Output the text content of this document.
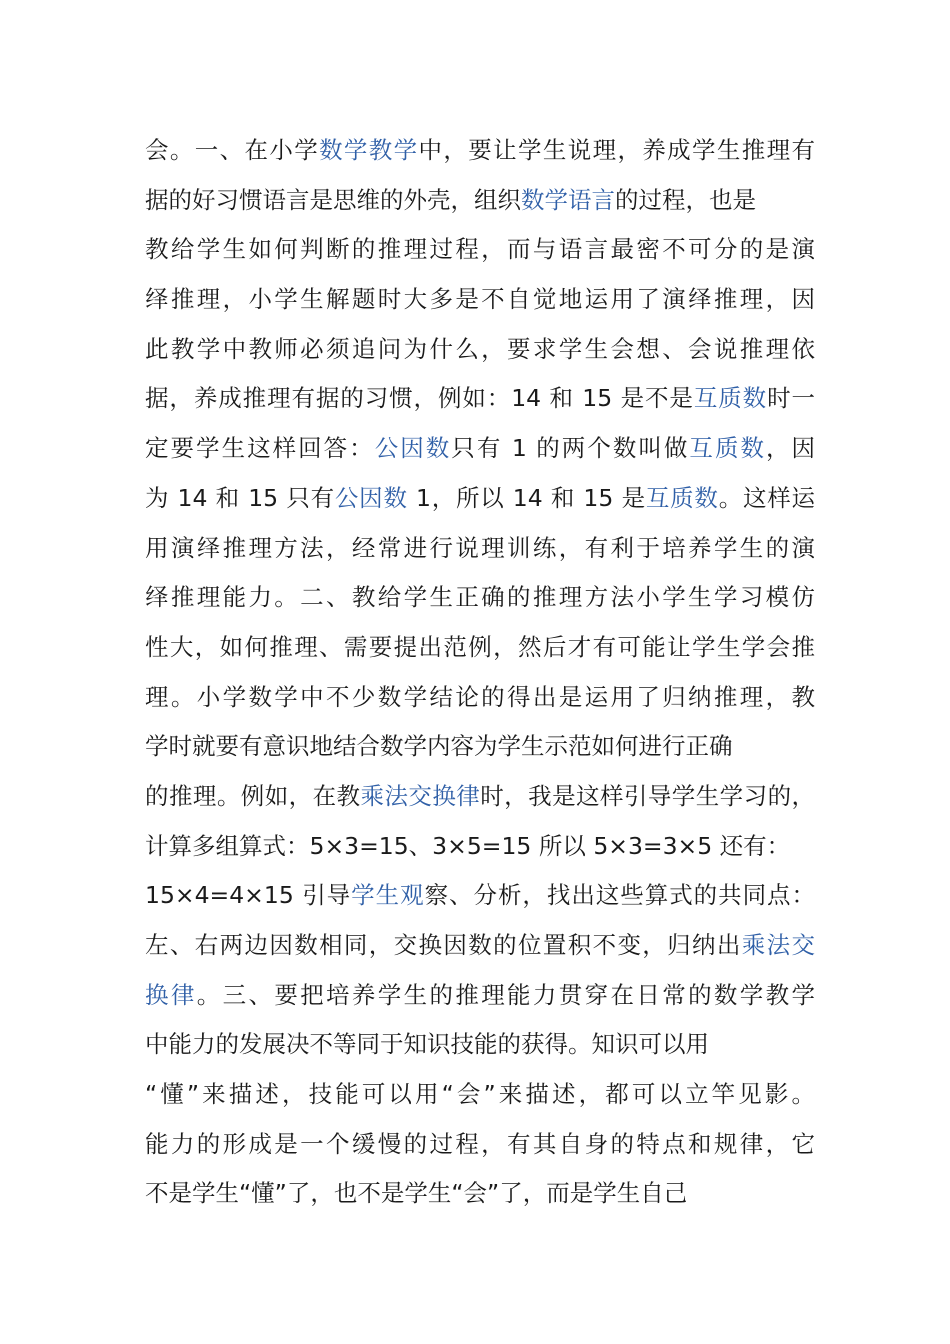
会。一、在小学数学教学中，要让学生说理，养成学生推理有
据的好习惯语言是思维的外壳，组织数学语言的过程，也是
教给学生如何判断的推理过程，而与语言最密不可分的是演
绎推理，小学生解题时大多是不自觉地运用了演绎推理，因
此教学中教师必须追问为什么，要求学生会想、会说推理依
据，养成推理有据的习惯，例如：14 和 15 是不是互质数时一
定要学生这样回答：公因数只有 1 的两个数叫做互质数，因
为 14 和 15 只有公因数 1，所以 14 和 15 是互质数。这样运
用演绎推理方法，经常进行说理训练，有利于培养学生的演
绎推理能力。二、教给学生正确的推理方法小学生学习模仿
性大，如何推理、需要提出范例，然后才有可能让学生学会推
理。小学数学中不少数学结论的得出是运用了归纳推理，教
学时就要有意识地结合数学内容为学生示范如何进行正确
的推理。例如，在教乘法交换律时，我是这样引导学生学习的，
计算多组算式：5×3=15、3×5=15 所以 5×3=3×5 还有：
15×4=4×15 引导学生观察、分析，找出这些算式的共同点：
左、右两边因数相同，交换因数的位置积不变，归纳出乘法交
换律。三、要把培养学生的推理能力贯穿在日常的数学教学
中能力的发展决不等同于知识技能的获得。知识可以用
“懂”来描述，技能可以用“会”来描述，都可以立竿见影。
能力的形成是一个缓慢的过程，有其自身的特点和规律，它
不是学生“懂”了，也不是学生“会”了，而是学生自己
